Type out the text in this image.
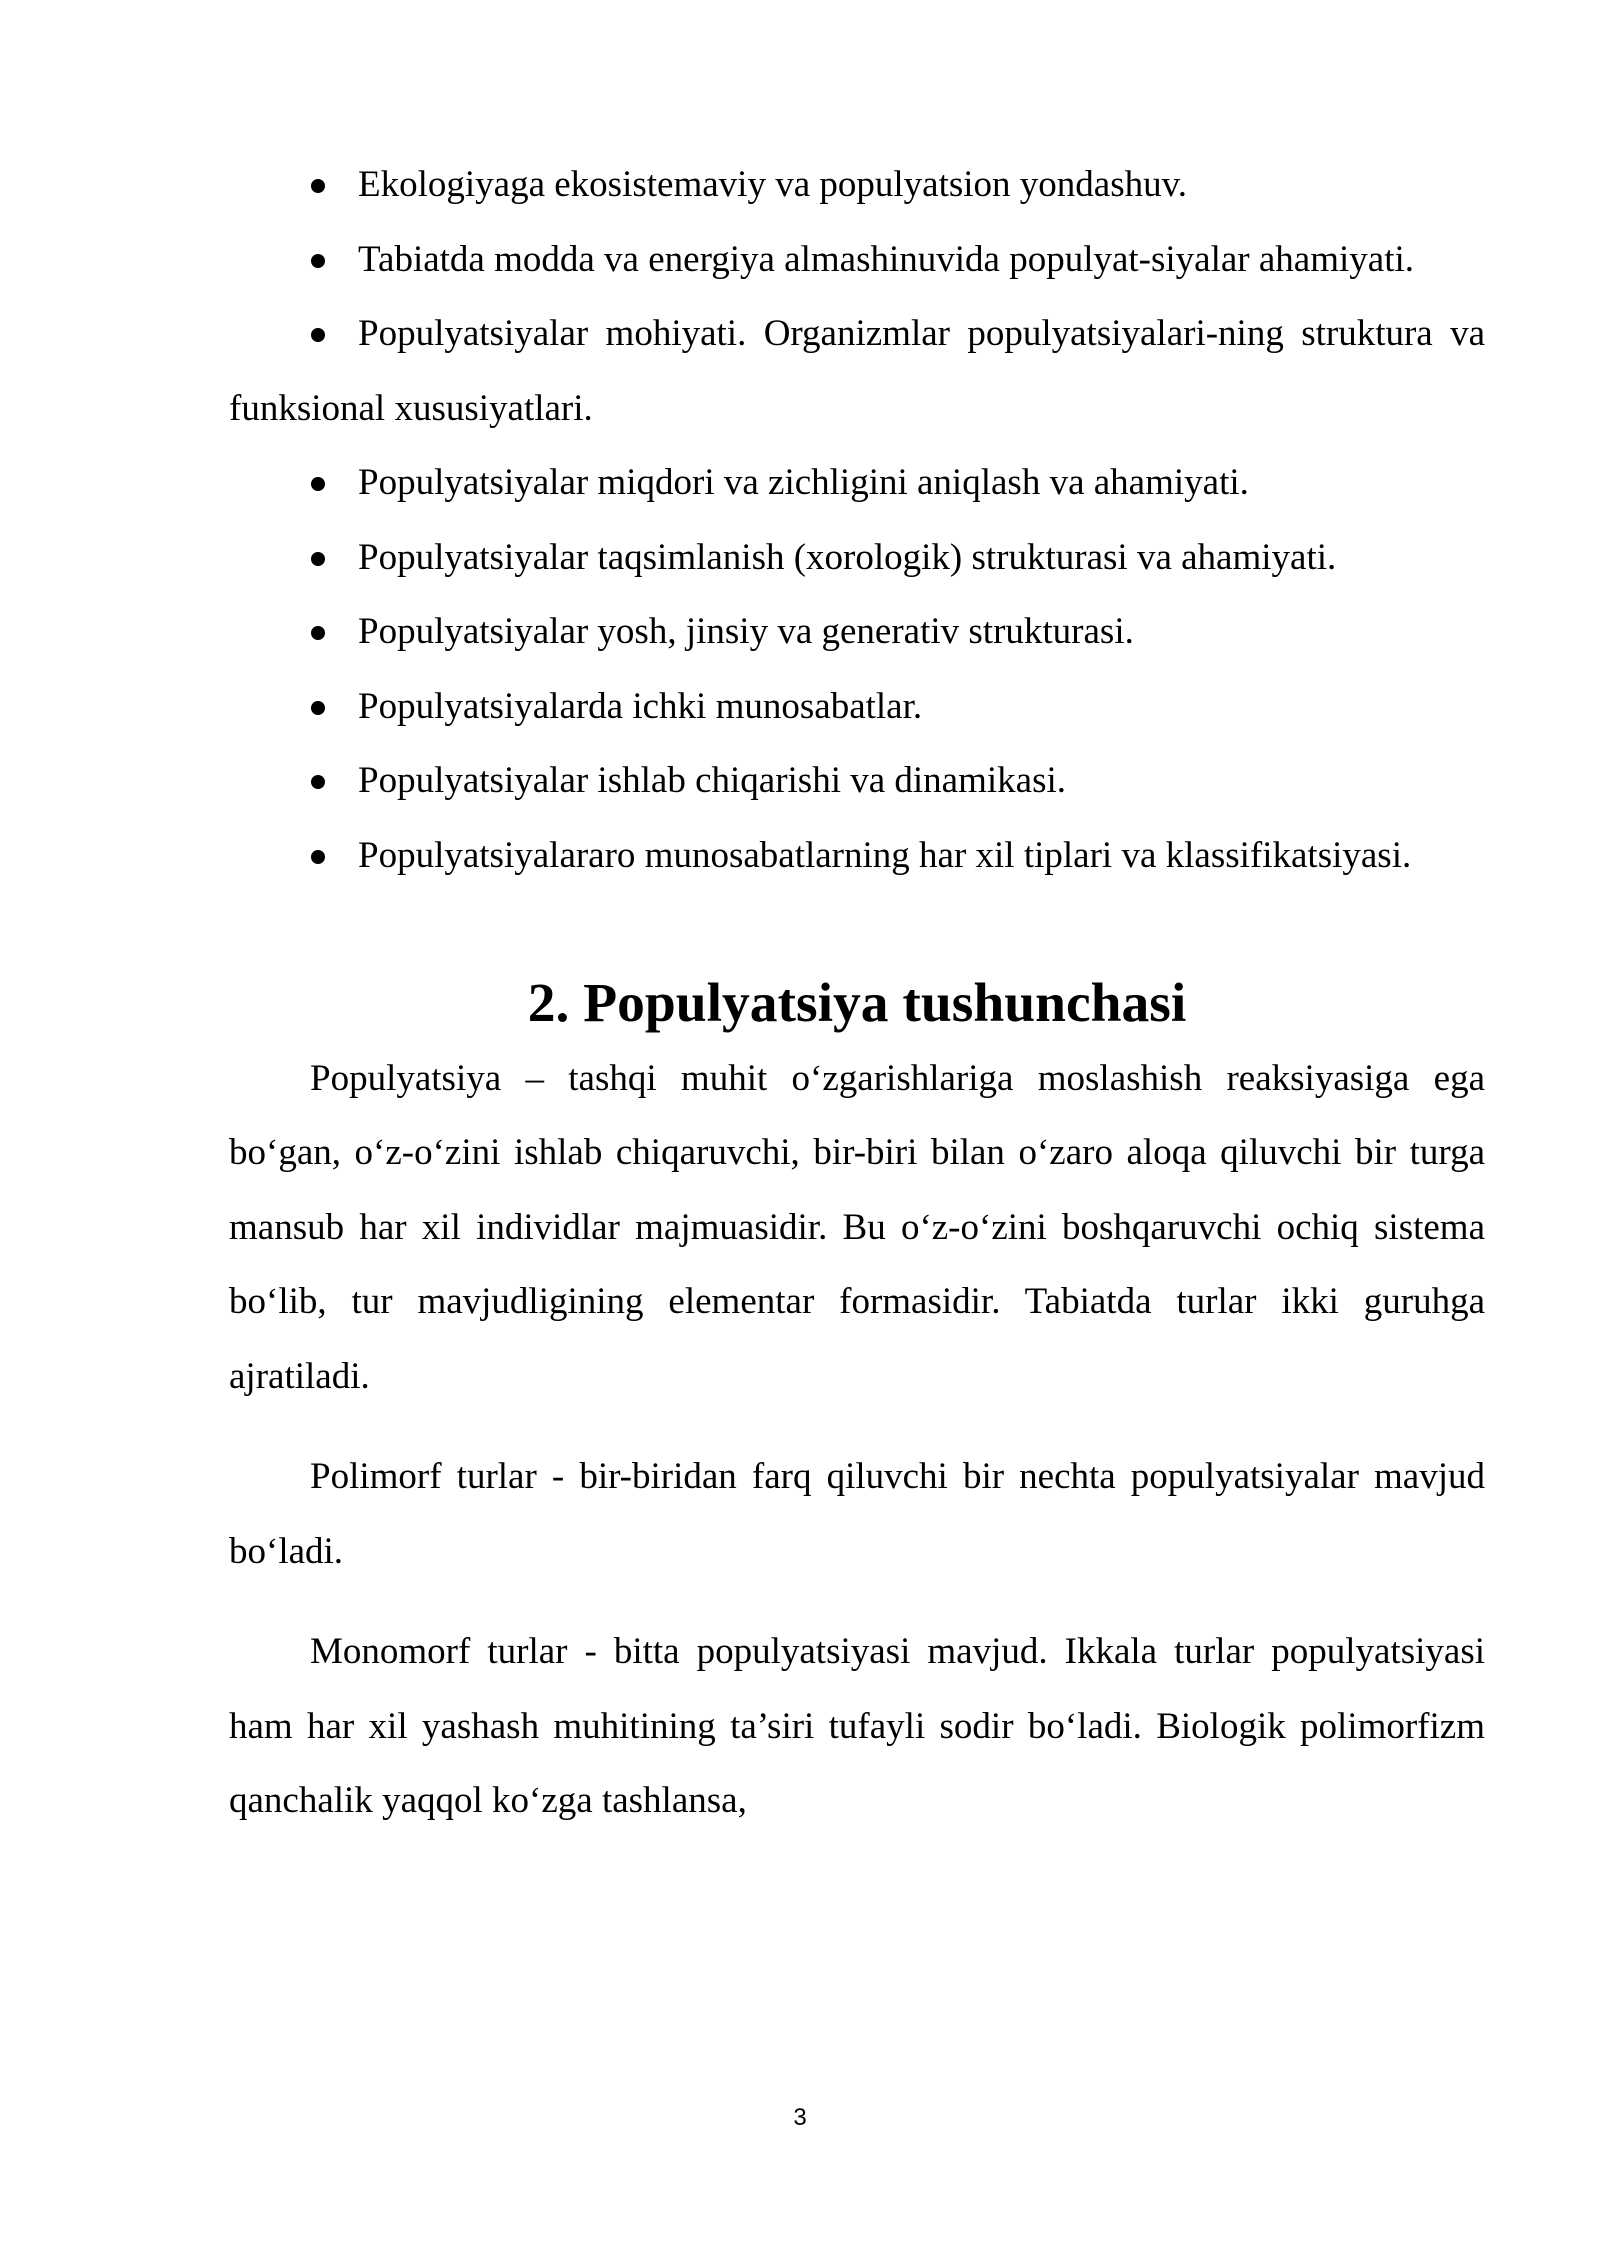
Ekologiyaga ekosistemaviy va populyatsion yondashuv.

Tabiatda modda va energiya almashinuvida populyat-siyalar ahamiyati.

Populyatsiyalar mohiyati. Organizmlar populyatsiyalari-ning struktura va funksional xususiyatlari.

Populyatsiyalar miqdori va zichligini aniqlash va ahamiyati.

Populyatsiyalar taqsimlanish (xorologik) strukturasi va ahamiyati.

Populyatsiyalar yosh, jinsiy va generativ strukturasi.

Populyatsiyalarda ichki munosabatlar.

Populyatsiyalar ishlab chiqarishi va dinamikasi.

Populyatsiyalararo munosabatlarning har xil tiplari va klassifikatsiyasi.

2. Populyatsiya tushunchasi

Populyatsiya – tashqi muhit o‘zgarishlariga moslashish reaksiyasiga ega bo‘gan, o‘z-o‘zini ishlab chiqaruvchi, bir-biri bilan o‘zaro aloqa qiluvchi bir turga mansub har xil individlar majmuasidir. Bu o‘z-o‘zini boshqaruvchi ochiq sistema bo‘lib, tur mavjudligining elementar formasidir. Tabiatda turlar ikki guruhga ajratiladi.

Polimorf turlar - bir-biridan farq qiluvchi bir nechta populyatsiyalar mavjud bo‘ladi.

Monomorf turlar - bitta populyatsiyasi mavjud. Ikkala turlar populyatsiyasi ham har xil yashash muhitining ta’siri tufayli sodir bo‘ladi. Biologik polimorfizm qanchalik yaqqol ko‘zga tashlansa,

3
